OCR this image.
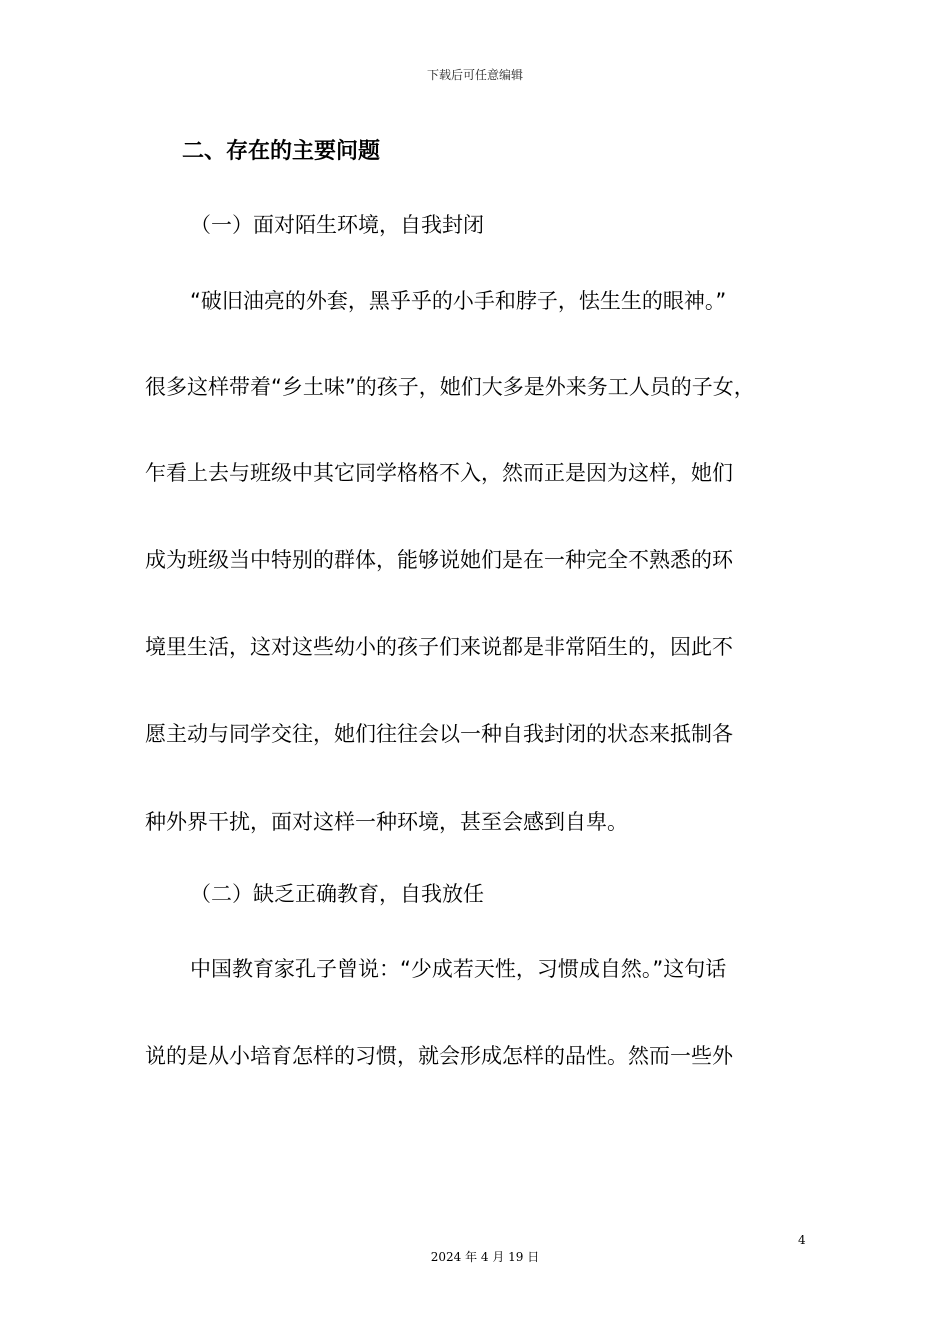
下载后可任意编辑
二、存在的主要问题

（一）面对陌生环境，自我封闭

“破旧油亮的外套，黑乎乎的小手和脖子，怯生生的眼神。”

很多这样带着“乡土味”的孩子，她们大多是外来务工人员的子女，

乍看上去与班级中其它同学格格不入，然而正是因为这样，她们

成为班级当中特别的群体，能够说她们是在一种完全不熟悉的环

境里生活，这对这些幼小的孩子们来说都是非常陌生的，因此不

愿主动与同学交往，她们往往会以一种自我封闭的状态来抵制各

种外界干扰，面对这样一种环境，甚至会感到自卑。

（二）缺乏正确教育，自我放任

中国教育家孔子曾说：“少成若天性，习惯成自然。”这句话

说的是从小培育怎样的习惯，就会形成怎样的品性。然而一些外

4
2024 年 4 月 19 日
